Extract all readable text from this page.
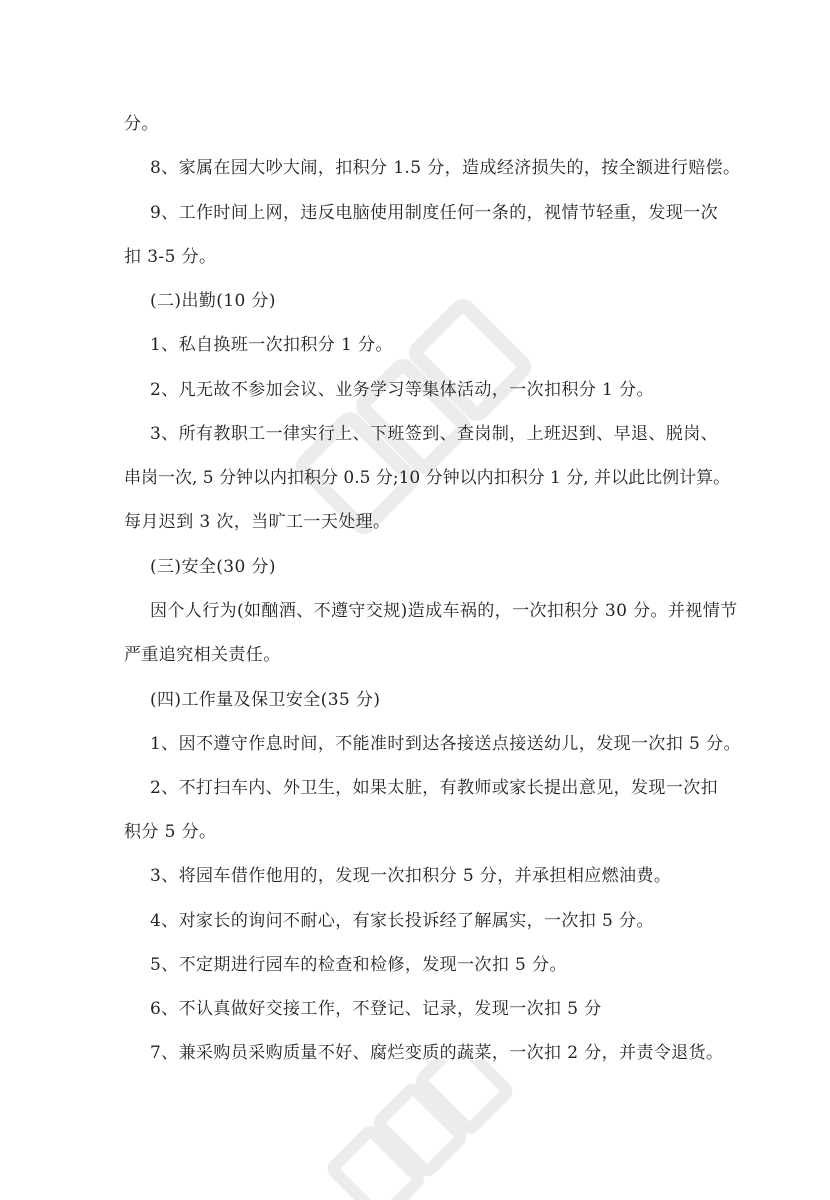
分。
8、家属在园大吵大闹，扣积分 1.5 分，造成经济损失的，按全额进行赔偿。
9、工作时间上网，违反电脑使用制度任何一条的，视情节轻重，发现一次
扣 3-5 分。
(二)出勤(10 分)
1、私自换班一次扣积分 1 分。
2、凡无故不参加会议、业务学习等集体活动，一次扣积分 1 分。
3、所有教职工一律实行上、下班签到、查岗制，上班迟到、早退、脱岗、
串岗一次, 5 分钟以内扣积分 0.5 分;10 分钟以内扣积分 1 分, 并以此比例计算。
每月迟到 3 次，当旷工一天处理。
(三)安全(30 分)
因个人行为(如酗酒、不遵守交规)造成车祸的，一次扣积分 30 分。并视情节
严重追究相关责任。
(四)工作量及保卫安全(35 分)
1、因不遵守作息时间，不能准时到达各接送点接送幼儿，发现一次扣 5 分。
2、不打扫车内、外卫生，如果太脏，有教师或家长提出意见，发现一次扣
积分 5 分。
3、将园车借作他用的，发现一次扣积分 5 分，并承担相应燃油费。
4、对家长的询问不耐心，有家长投诉经了解属实，一次扣 5 分。
5、不定期进行园车的检查和检修，发现一次扣 5 分。
6、不认真做好交接工作，不登记、记录，发现一次扣 5 分
7、兼采购员采购质量不好、腐烂变质的蔬菜，一次扣 2 分，并责令退货。
